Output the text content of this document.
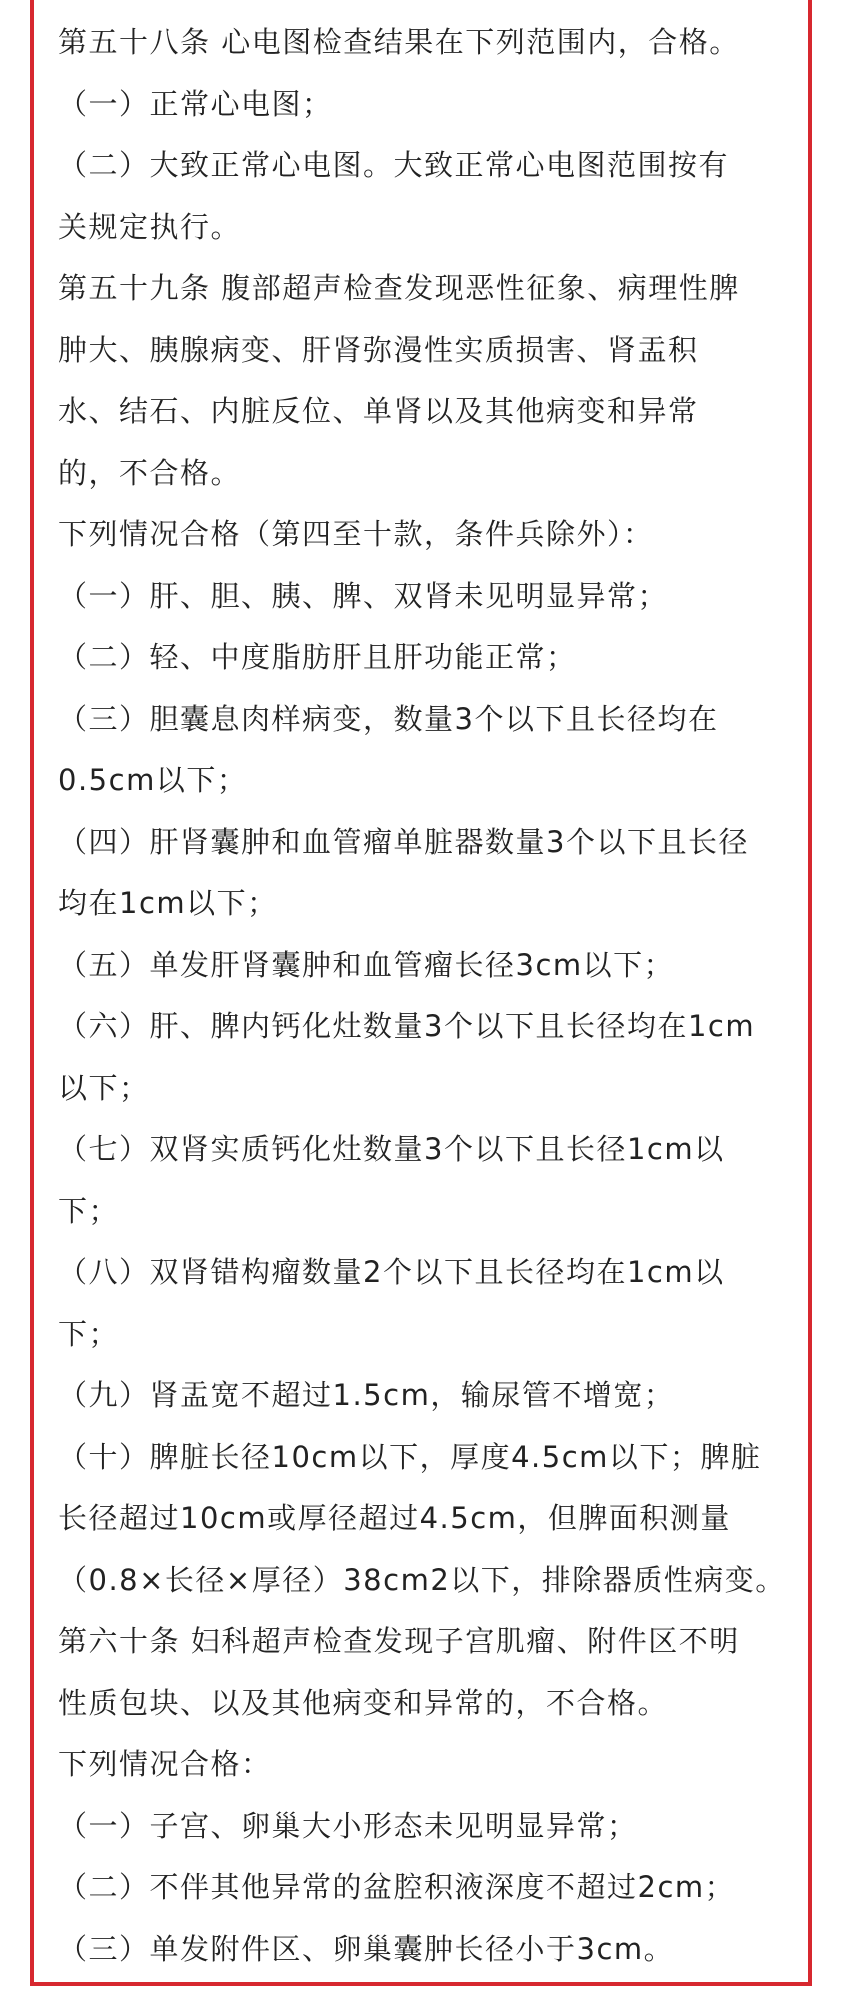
第五十八条 心电图检查结果在下列范围内，合格。
（一）正常心电图；
（二）大致正常心电图。大致正常心电图范围按有
关规定执行。
第五十九条 腹部超声检查发现恶性征象、病理性脾
肿大、胰腺病变、肝肾弥漫性实质损害、肾盂积
水、结石、内脏反位、单肾以及其他病变和异常
的，不合格。
下列情况合格（第四至十款，条件兵除外）：
（一）肝、胆、胰、脾、双肾未见明显异常；
（二）轻、中度脂肪肝且肝功能正常；
（三）胆囊息肉样病变，数量3个以下且长径均在
0.5cm以下；
（四）肝肾囊肿和血管瘤单脏器数量3个以下且长径
均在1cm以下；
（五）单发肝肾囊肿和血管瘤长径3cm以下；
（六）肝、脾内钙化灶数量3个以下且长径均在1cm
以下；
（七）双肾实质钙化灶数量3个以下且长径1cm以
下；
（八）双肾错构瘤数量2个以下且长径均在1cm以
下；
（九）肾盂宽不超过1.5cm，输尿管不增宽；
（十）脾脏长径10cm以下，厚度4.5cm以下；脾脏
长径超过10cm或厚径超过4.5cm，但脾面积测量
（0.8×长径×厚径）38cm2以下，排除器质性病变。
第六十条 妇科超声检查发现子宫肌瘤、附件区不明
性质包块、以及其他病变和异常的，不合格。
下列情况合格：
（一）子宫、卵巢大小形态未见明显异常；
（二）不伴其他异常的盆腔积液深度不超过2cm；
（三）单发附件区、卵巢囊肿长径小于3cm。
